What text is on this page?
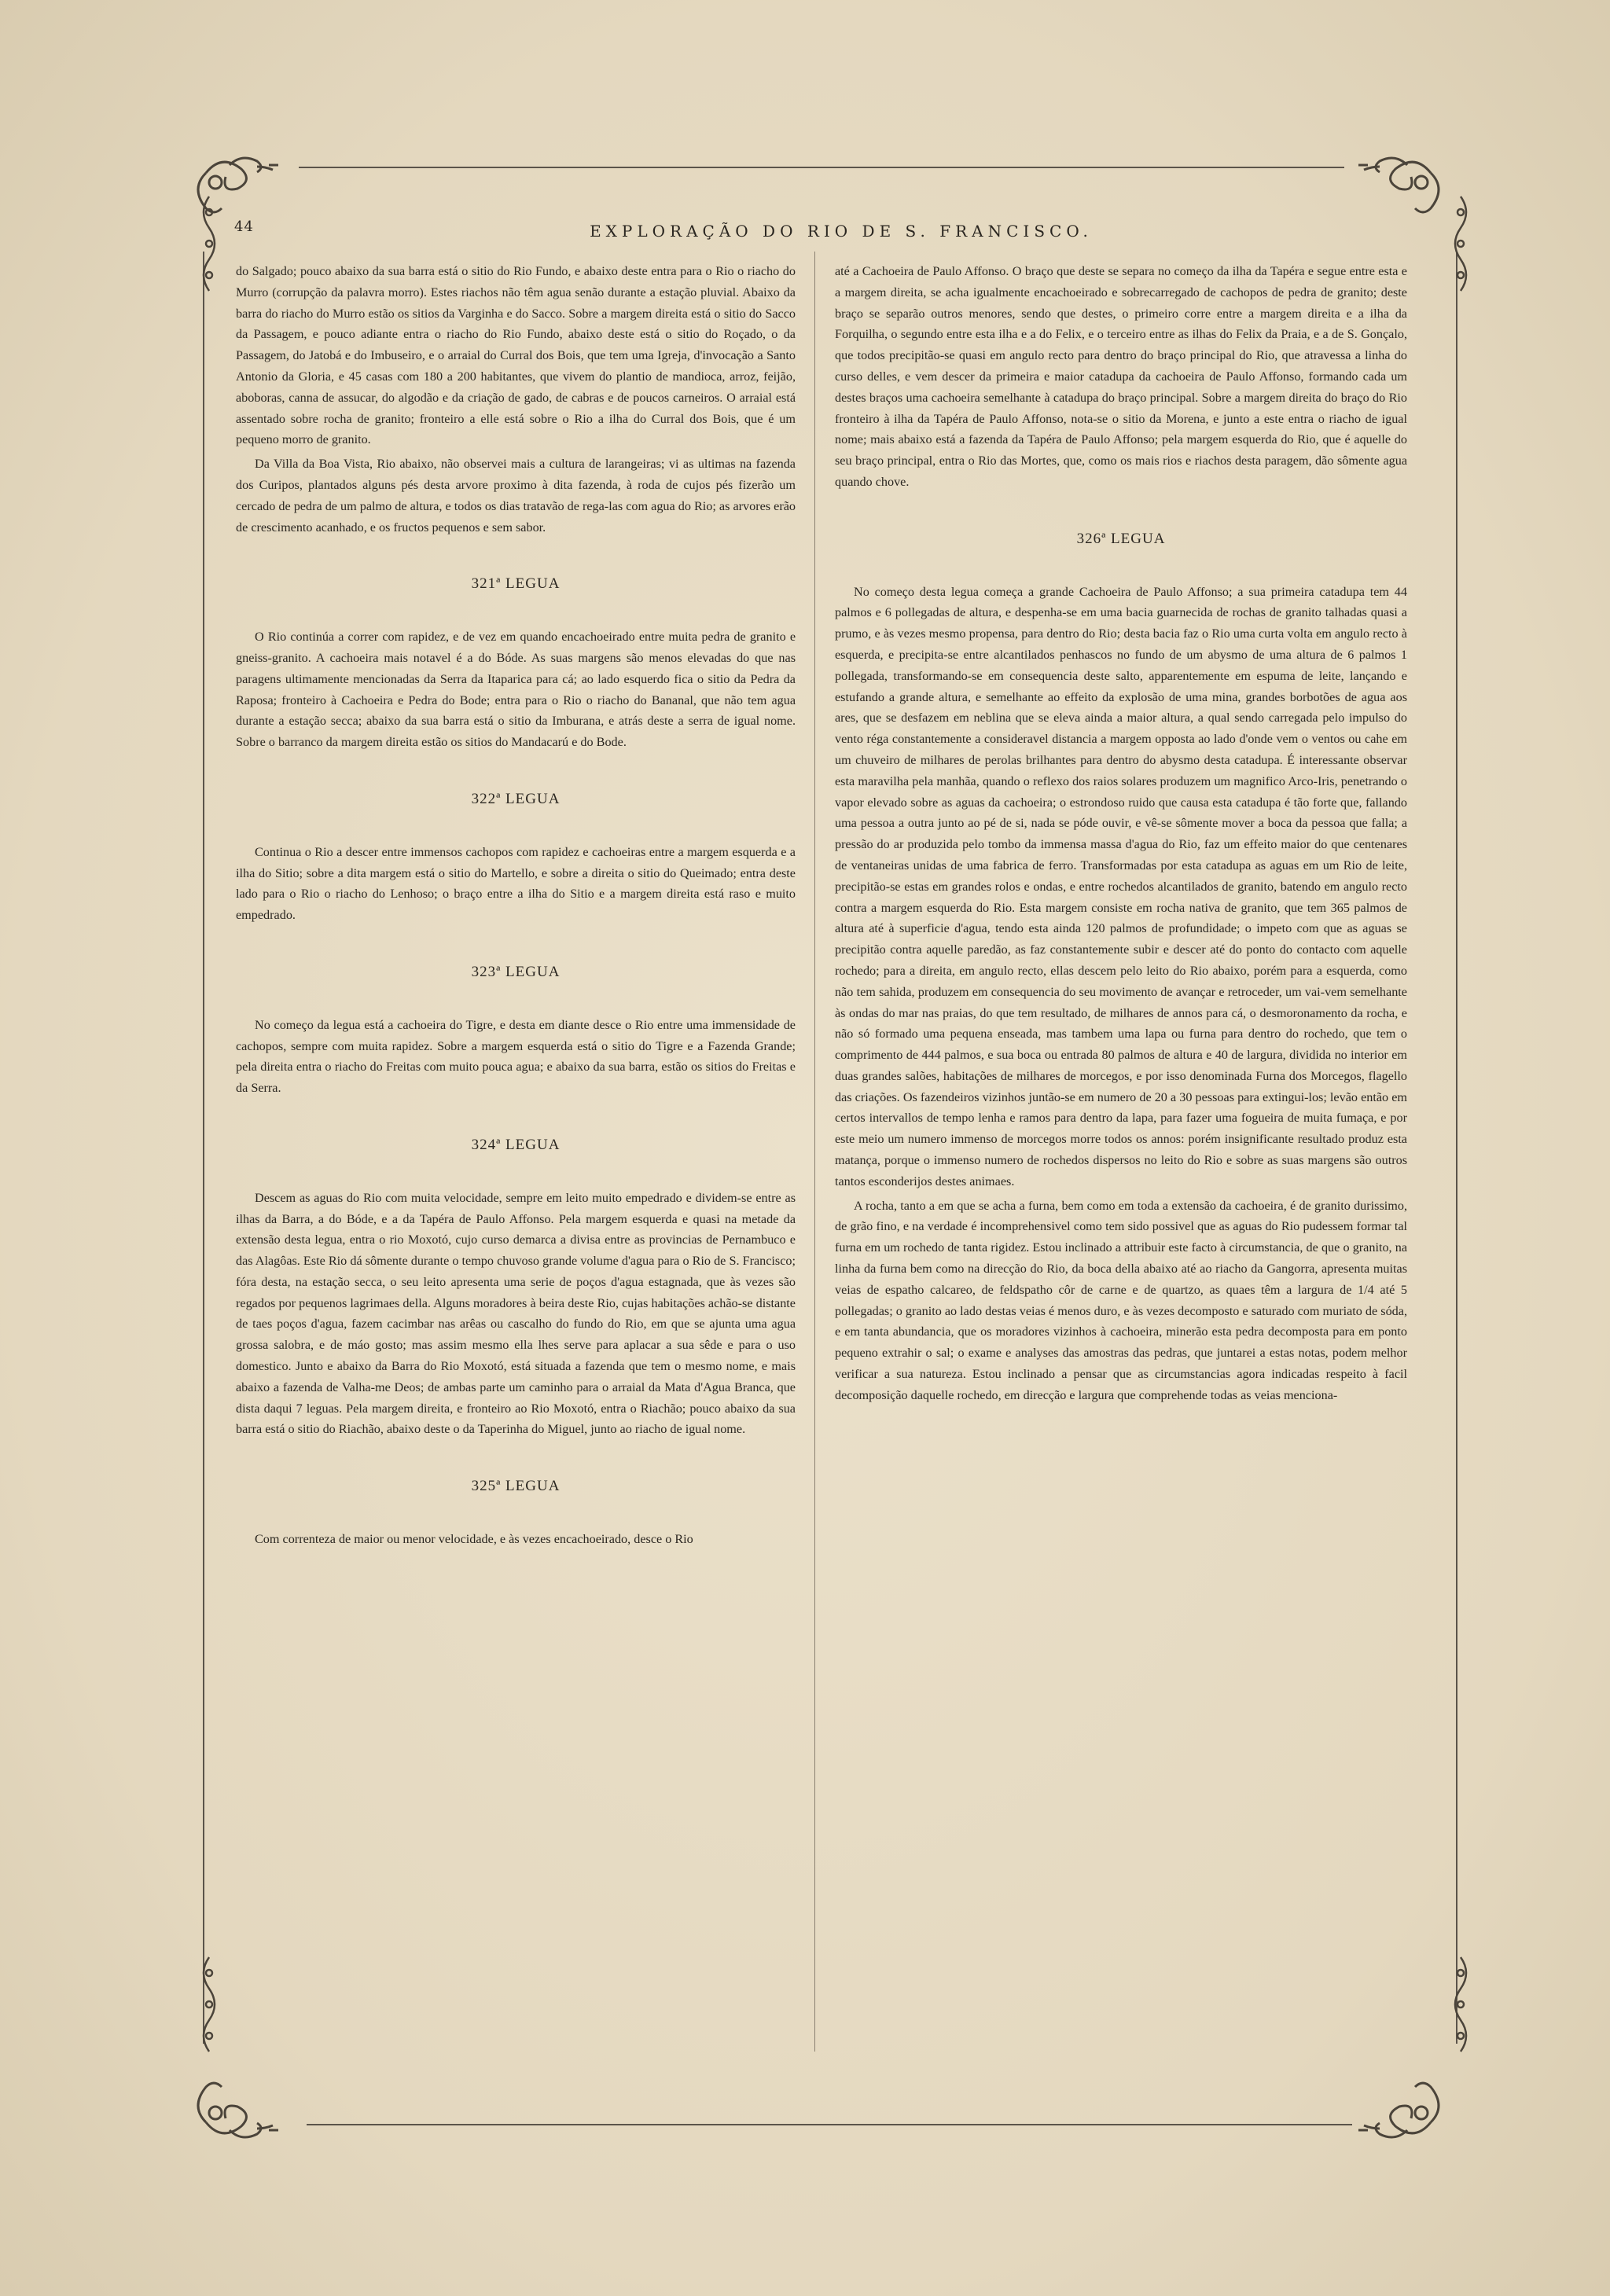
44	EXPLORAÇÃO DO RIO DE S. FRANCISCO.

do Salgado; pouco abaixo da sua barra está o sitio do Rio Fundo, e abaixo deste entra para o Rio o riacho do Murro (corrupção da palavra morro). Estes riachos não têm agua senão durante a estação pluvial. Abaixo da barra do riacho do Murro estão os sitios da Varginha e do Sacco. Sobre a margem direita está o sitio do Sacco da Passagem, e pouco adiante entra o riacho do Rio Fundo, abaixo deste está o sitio do Roçado, o da Passagem, do Jatobá e do Imbuseiro, e o arraial do Curral dos Bois, que tem uma Igreja, d'invocação a Santo Antonio da Gloria, e 45 casas com 180 a 200 habitantes, que vivem do plantio de mandioca, arroz, feijão, aboboras, canna de assucar, do algodão e da criação de gado, de cabras e de poucos carneiros. O arraial está assentado sobre rocha de granito; fronteiro a elle está sobre o Rio a ilha do Curral dos Bois, que é um pequeno morro de granito.

Da Villa da Boa Vista, Rio abaixo, não observei mais a cultura de larangeiras; vi as ultimas na fazenda dos Curipos, plantados alguns pés desta arvore proximo à dita fazenda, à roda de cujos pés fizerão um cercado de pedra de um palmo de altura, e todos os dias tratavão de rega-las com agua do Rio; as arvores erão de crescimento acanhado, e os fructos pequenos e sem sabor.

321ª LEGUA

O Rio continúa a correr com rapidez, e de vez em quando encachoeirado entre muita pedra de granito e gneiss-granito. A cachoeira mais notavel é a do Bóde. As suas margens são menos elevadas do que nas paragens ultimamente mencionadas da Serra da Itaparica para cá; ao lado esquerdo fica o sitio da Pedra da Raposa; fronteiro à Cachoeira e Pedra do Bode; entra para o Rio o riacho do Bananal, que não tem agua durante a estação secca; abaixo da sua barra está o sitio da Imburana, e atrás deste a serra de igual nome. Sobre o barranco da margem direita estão os sitios do Mandacarú e do Bode.

322ª LEGUA

Continua o Rio a descer entre immensos cachopos com rapidez e cachoeiras entre a margem esquerda e a ilha do Sitio; sobre a dita margem está o sitio do Martello, e sobre a direita o sitio do Queimado; entra deste lado para o Rio o riacho do Lenhoso; o braço entre a ilha do Sitio e a margem direita está raso e muito empedrado.

323ª LEGUA

No começo da legua está a cachoeira do Tigre, e desta em diante desce o Rio entre uma immensidade de cachopos, sempre com muita rapidez. Sobre a margem esquerda está o sitio do Tigre e a Fazenda Grande; pela direita entra o riacho do Freitas com muito pouca agua; e abaixo da sua barra, estão os sitios do Freitas e da Serra.

324ª LEGUA

Descem as aguas do Rio com muita velocidade, sempre em leito muito empedrado e dividem-se entre as ilhas da Barra, a do Bóde, e a da Tapéra de Paulo Affonso. Pela margem esquerda e quasi na metade da extensão desta legua, entra o rio Moxotó, cujo curso demarca a divisa entre as provincias de Pernambuco e das Alagôas. Este Rio dá sômente durante o tempo chuvoso grande volume d'agua para o Rio de S. Francisco; fóra desta, na estação secca, o seu leito apresenta uma serie de poços d'agua estagnada, que às vezes são regados por pequenos lagrimaes della. Alguns moradores à beira deste Rio, cujas habitações achão-se distante de taes poços d'agua, fazem cacimbar nas arêas ou cascalho do fundo do Rio, em que se ajunta uma agua grossa salobra, e de máo gosto; mas assim mesmo ella lhes serve para aplacar a sua sêde e para o uso domestico. Junto e abaixo da Barra do Rio Moxotó, está situada a fazenda que tem o mesmo nome, e mais abaixo a fazenda de Valha-me Deos; de ambas parte um caminho para o arraial da Mata d'Agua Branca, que dista daqui 7 leguas. Pela margem direita, e fronteiro ao Rio Moxotó, entra o Riachão; pouco abaixo da sua barra está o sitio do Riachão, abaixo deste o da Taperinha do Miguel, junto ao riacho de igual nome.

325ª LEGUA

Com correnteza de maior ou menor velocidade, e às vezes encachoeirado, desce o Rio

até a Cachoeira de Paulo Affonso. O braço que deste se separa no começo da ilha da Tapéra e segue entre esta e a margem direita, se acha igualmente encachoeirado e sobrecarregado de cachopos de pedra de granito; deste braço se separão outros menores, sendo que destes, o primeiro corre entre a margem direita e a ilha da Forquilha, o segundo entre esta ilha e a do Felix, e o terceiro entre as ilhas do Felix da Praia, e a de S. Gonçalo, que todos precipitão-se quasi em angulo recto para dentro do braço principal do Rio, que atravessa a linha do curso delles, e vem descer da primeira e maior catadupa da cachoeira de Paulo Affonso, formando cada um destes braços uma cachoeira semelhante à catadupa do braço principal. Sobre a margem direita do braço do Rio fronteiro à ilha da Tapéra de Paulo Affonso, nota-se o sitio da Morena, e junto a este entra o riacho de igual nome; mais abaixo está a fazenda da Tapéra de Paulo Affonso; pela margem esquerda do Rio, que é aquelle do seu braço principal, entra o Rio das Mortes, que, como os mais rios e riachos desta paragem, dão sômente agua quando chove.

326ª LEGUA

No começo desta legua começa a grande Cachoeira de Paulo Affonso; a sua primeira catadupa tem 44 palmos e 6 pollegadas de altura, e despenha-se em uma bacia guarnecida de rochas de granito talhadas quasi a prumo, e às vezes mesmo propensa, para dentro do Rio; desta bacia faz o Rio uma curta volta em angulo recto à esquerda, e precipita-se entre alcantilados penhascos no fundo de um abysmo de uma altura de 6 palmos 1 pollegada, transformando-se em consequencia deste salto, apparentemente em espuma de leite, lançando e estufando a grande altura, e semelhante ao effeito da explosão de uma mina, grandes borbotões de agua aos ares, que se desfazem em neblina que se eleva ainda a maior altura, a qual sendo carregada pelo impulso do vento réga constantemente a consideravel distancia a margem opposta ao lado d'onde vem o ventos ou cahe em um chuveiro de milhares de perolas brilhantes para dentro do abysmo desta catadupa. É interessante observar esta maravilha pela manhãa, quando o reflexo dos raios solares produzem um magnifico Arco-Iris, penetrando o vapor elevado sobre as aguas da cachoeira; o estrondoso ruido que causa esta catadupa é tão forte que, fallando uma pessoa a outra junto ao pé de si, nada se póde ouvir, e vê-se sômente mover a boca da pessoa que falla; a pressão do ar produzida pelo tombo da immensa massa d'agua do Rio, faz um effeito maior do que centenares de ventaneiras unidas de uma fabrica de ferro. Transformadas por esta catadupa as aguas em um Rio de leite, precipitão-se estas em grandes rolos e ondas, e entre rochedos alcantilados de granito, batendo em angulo recto contra a margem esquerda do Rio. Esta margem consiste em rocha nativa de granito, que tem 365 palmos de altura até à superficie d'agua, tendo esta ainda 120 palmos de profundidade; o impeto com que as aguas se precipitão contra aquelle paredão, as faz constantemente subir e descer até do ponto do contacto com aquelle rochedo; para a direita, em angulo recto, ellas descem pelo leito do Rio abaixo, porém para a esquerda, como não tem sahida, produzem em consequencia do seu movimento de avançar e retroceder, um vai-vem semelhante às ondas do mar nas praias, do que tem resultado, de milhares de annos para cá, o desmoronamento da rocha, e não só formado uma pequena enseada, mas tambem uma lapa ou furna para dentro do rochedo, que tem o comprimento de 444 palmos, e sua boca ou entrada 80 palmos de altura e 40 de largura, dividida no interior em duas grandes salões, habitações de milhares de morcegos, e por isso denominada Furna dos Morcegos, flagello das criações. Os fazendeiros vizinhos juntão-se em numero de 20 a 30 pessoas para extingui-los; levão então em certos intervallos de tempo lenha e ramos para dentro da lapa, para fazer uma fogueira de muita fumaça, e por este meio um numero immenso de morcegos morre todos os annos: porém insignificante resultado produz esta matança, porque o immenso numero de rochedos dispersos no leito do Rio e sobre as suas margens são outros tantos esconderijos destes animaes.

A rocha, tanto a em que se acha a furna, bem como em toda a extensão da cachoeira, é de granito durissimo, de grão fino, e na verdade é incomprehensivel como tem sido possivel que as aguas do Rio pudessem formar tal furna em um rochedo de tanta rigidez. Estou inclinado a attribuir este facto à circumstancia, de que o granito, na linha da furna bem como na direcção do Rio, da boca della abaixo até ao riacho da Gangorra, apresenta muitas veias de espatho calcareo, de feldspatho côr de carne e de quartzo, as quaes têm a largura de 1/4 até 5 pollegadas; o granito ao lado destas veias é menos duro, e às vezes decomposto e saturado com muriato de sóda, e em tanta abundancia, que os moradores vizinhos à cachoeira, minerão esta pedra decomposta para em ponto pequeno extrahir o sal; o exame e analyses das amostras das pedras, que juntarei a estas notas, podem melhor verificar a sua natureza. Estou inclinado a pensar que as circumstancias agora indicadas respeito à facil decomposição daquelle rochedo, em direcção e largura que comprehende todas as veias menciona-
